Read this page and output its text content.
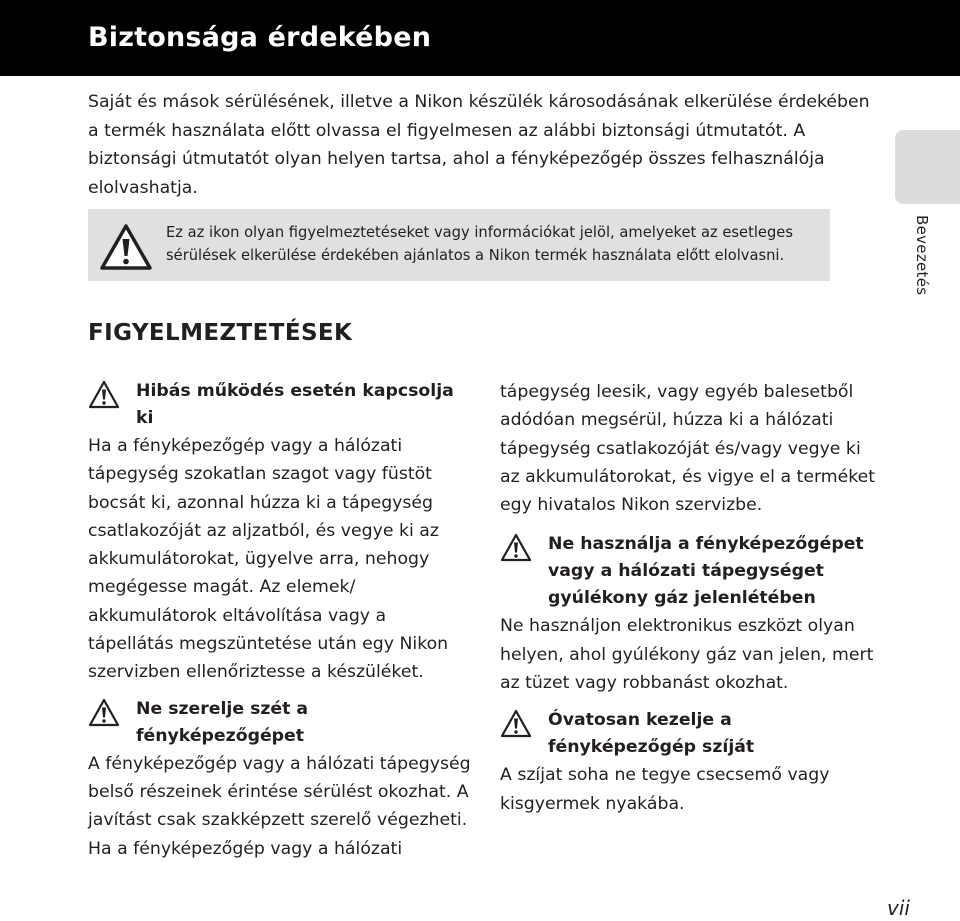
Biztonsága érdekében
Saját és mások sérülésének, illetve a Nikon készülék károsodásának elkerülése érdekében a termék használata előtt olvassa el figyelmesen az alábbi biztonsági útmutatót. A biztonsági útmutatót olyan helyen tartsa, ahol a fényképezőgép összes felhasználója elolvashatja.
Ez az ikon olyan figyelmeztetéseket vagy információkat jelöl, amelyeket az esetleges sérülések elkerülése érdekében ajánlatos a Nikon termék használata előtt elolvasni.	Bevezetés
FIGYELMEZTETÉSEK
Hibás működés esetén kapcsolja ki

Ha a fényképezőgép vagy a hálózati tápegység szokatlan szagot vagy füstöt bocsát ki, azonnal húzza ki a tápegység csatlakozóját az aljzatból, és vegye ki az akkumulátorokat, ügyelve arra, nehogy megégesse magát. Az elemek/ akkumulátorok eltávolítása vagy a tápellátás megszüntetése után egy Nikon szervizben ellenőriztesse a készüléket.

Ne szerelje szét a fényképezőgépet

A fényképezőgép vagy a hálózati tápegység belső részeinek érintése sérülést okozhat. A javítást csak szakképzett szerelő végezheti. Ha a fényképezőgép vagy a hálózati

tápegység leesik, vagy egyéb balesetből adódóan megsérül, húzza ki a hálózati tápegység csatlakozóját és/vagy vegye ki az akkumulátorokat, és vigye el a terméket egy hivatalos Nikon szervizbe.

Ne használja a fényképezőgépet vagy a hálózati tápegységet gyúlékony gáz jelenlétében

Ne használjon elektronikus eszközt olyan helyen, ahol gyúlékony gáz van jelen, mert az tüzet vagy robbanást okozhat.

Óvatosan kezelje a fényképezőgép szíját

A szíjat soha ne tegye csecsemő vagy kisgyermek nyakába.

vii
